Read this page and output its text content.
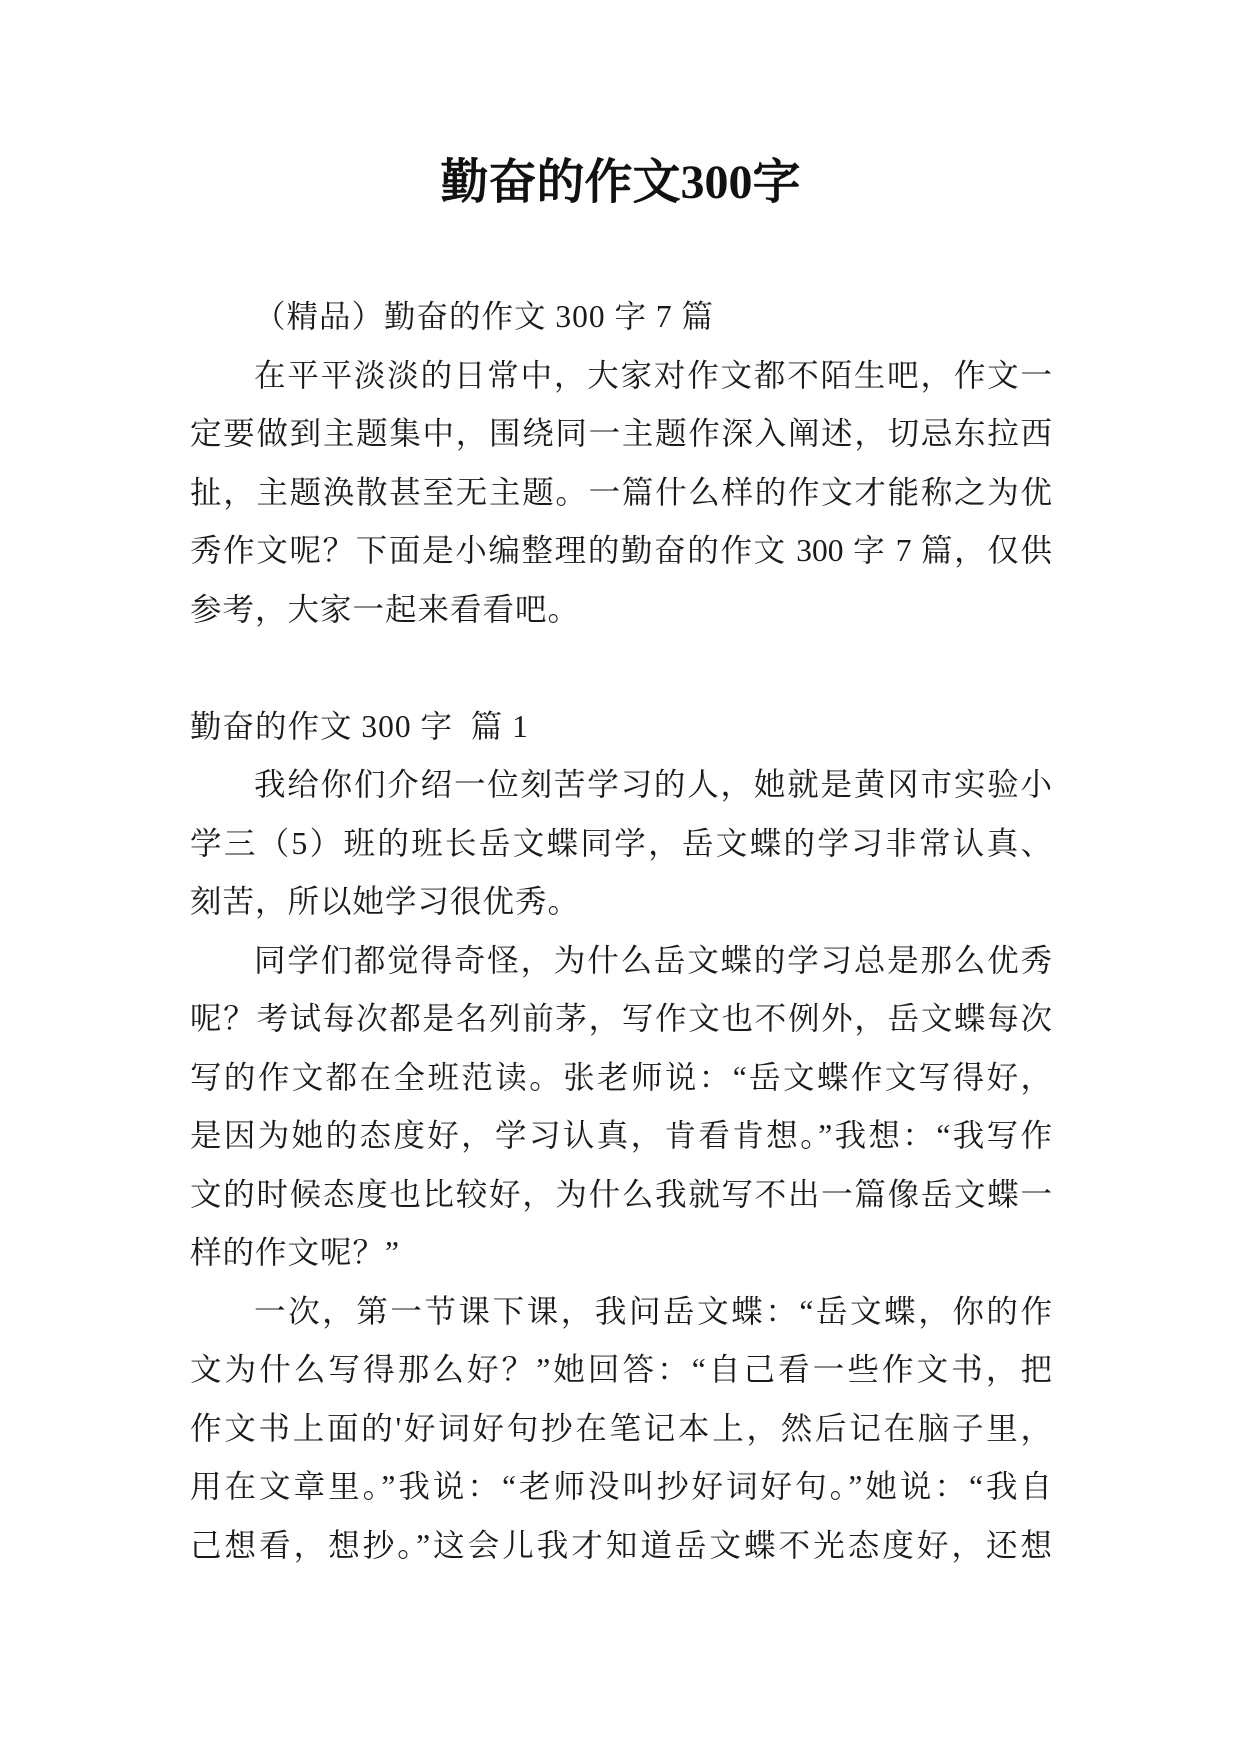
勤奋的作文300字
（精品）勤奋的作文 300 字 7 篇
在平平淡淡的日常中，大家对作文都不陌生吧，作文一
定要做到主题集中，围绕同一主题作深入阐述，切忌东拉西
扯，主题涣散甚至无主题。一篇什么样的作文才能称之为优
秀作文呢？下面是小编整理的勤奋的作文 300 字 7 篇，仅供
参考，大家一起来看看吧。
勤奋的作文 300 字  篇 1
我给你们介绍一位刻苦学习的人，她就是黄冈市实验小
学三（5）班的班长岳文蝶同学，岳文蝶的学习非常认真、
刻苦，所以她学习很优秀。
同学们都觉得奇怪，为什么岳文蝶的学习总是那么优秀
呢？考试每次都是名列前茅，写作文也不例外，岳文蝶每次
写的作文都在全班范读。张老师说：“岳文蝶作文写得好，
是因为她的态度好，学习认真，肯看肯想。”我想：“我写作
文的时候态度也比较好，为什么我就写不出一篇像岳文蝶一
样的作文呢？”
一次，第一节课下课，我问岳文蝶：“岳文蝶，你的作
文为什么写得那么好？”她回答：“自己看一些作文书，把
作文书上面的'好词好句抄在笔记本上，然后记在脑子里，
用在文章里。”我说：“老师没叫抄好词好句。”她说：“我自
己想看，想抄。”这会儿我才知道岳文蝶不光态度好，还想
